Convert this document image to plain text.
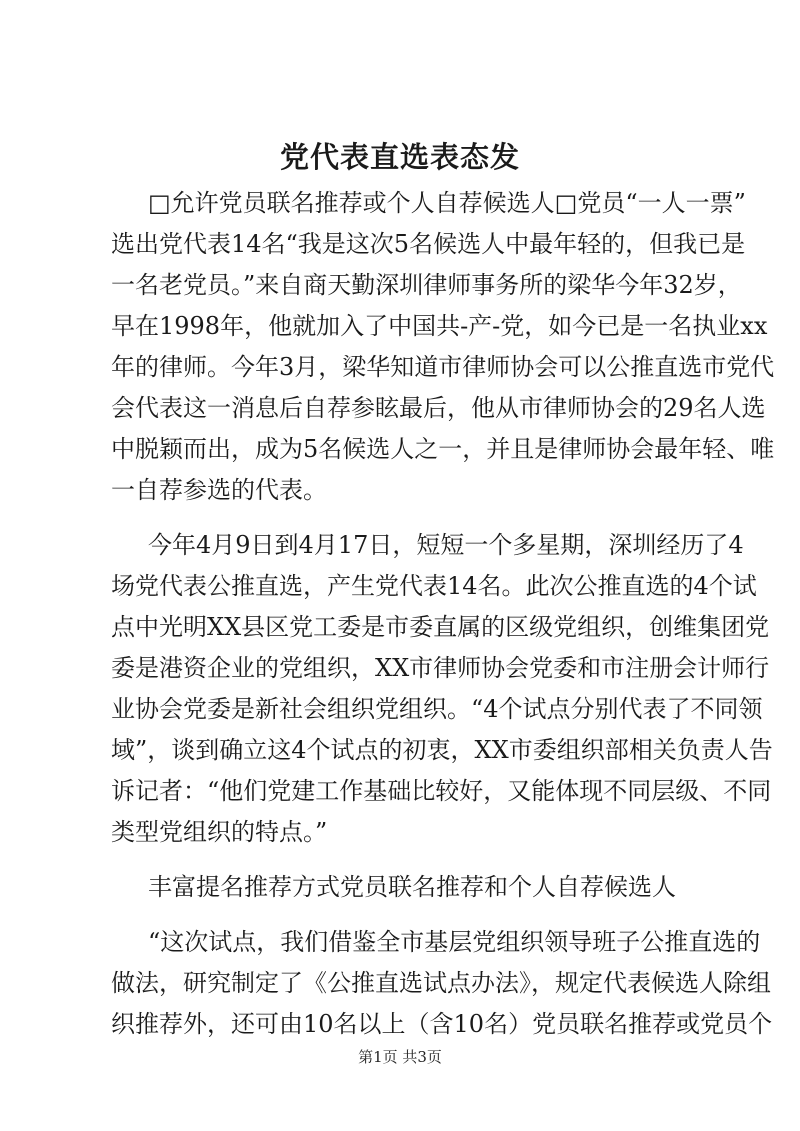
党代表直选表态发
□允许党员联名推荐或个人自荐候选人□党员“一人一票”
选出党代表14名“我是这次5名候选人中最年轻的，但我已是
一名老党员。”来自商天勤深圳律师事务所的梁华今年32岁，
早在1998年，他就加入了中国共-产-党，如今已是一名执业xx
年的律师。今年3月，梁华知道市律师协会可以公推直选市党代
会代表这一消息后自荐参眩最后，他从市律师协会的29名人选
中脱颖而出，成为5名候选人之一，并且是律师协会最年轻、唯
一自荐参选的代表。
今年4月9日到4月17日，短短一个多星期，深圳经历了4
场党代表公推直选，产生党代表14名。此次公推直选的4个试
点中光明XX县区党工委是市委直属的区级党组织，创维集团党
委是港资企业的党组织，XX市律师协会党委和市注册会计师行
业协会党委是新社会组织党组织。“4个试点分别代表了不同领
域”，谈到确立这4个试点的初衷，XX市委组织部相关负责人告
诉记者：“他们党建工作基础比较好，又能体现不同层级、不同
类型党组织的特点。”
丰富提名推荐方式党员联名推荐和个人自荐候选人
“这次试点，我们借鉴全市基层党组织领导班子公推直选的
做法，研究制定了《公推直选试点办法》，规定代表候选人除组
织推荐外，还可由10名以上（含10名）党员联名推荐或党员个
第1页 共3页
